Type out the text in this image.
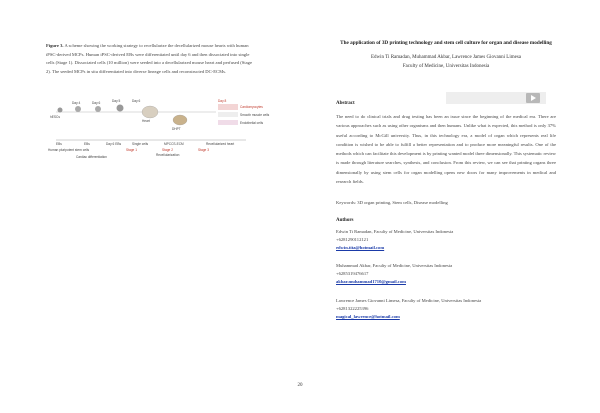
Figure 3. A scheme showing the working strategy to recellularize the decellularized mouse hearts with human iPSC-derived MCPs. Human iPSC-derived EBs were differentiated until day 6 and then dissociated into single cells (Stage 1). Dissociated cells (10 million) were seeded into a decellularized mouse heart and perfused (Stage 2). The seeded MCPs in situ differentiated into diverse lineage cells and reconstructed DC-ECMs.
hESCs
Day 4	Day 6	Day 5	Day 6
Heart
DHPT
Day 8
Cardiomyocytes
Smooth muscle cells
Endothelial cells
EBs	EBs	Day 6 EBs	Single cells	MPCCS-ECM	Recellularized heart
Human pluripotent stem cells
Cardiac differentiation	Recellularization
Stage 1	Stage 2	Stage 3
The application of 3D printing technology and stem cell culture for organ and disease modelling
Edwin Ti Ramadan, Muhammad Akbar, Lawrence James Giovanni Limesa
Faculty of Medicine, Universitas Indonesia
Abstract
The need to do clinical trials and drug testing has been an issue since the beginning of the medical era. There are various approaches such as using other organisms and then humans. Unlike what is expected, this method is only 37% useful according to McGill university. Thus, in this technology era, a model of organ which represents real life condition is wished to be able to fulfill a better representation and to produce more meaningful results. One of the methods which can facilitate this development is by printing wanted model three dimensionally. This systematic review is made through literature searches, synthesis, and conclusion. From this review, we can see that printing organs three dimensionally by using stem cells for organ modelling opens new doors for many improvements in medical and research fields.
Keywords: 3D organ printing, Stem cells, Disease modelling
Authors
Edwin Ti Ramadan, Faculty of Medicine, Universitas Indonesia
+6281290112121
edwin.tita@hotmail.com
Muhammad Akbar, Faculty of Medicine, Universitas Indonesia
+6285319476617
akbar.muhammad1710@gmail.com
Lawrence James Giovanni Limesa, Faculty of Medicine, Universitas Indonesia
+6281322225396
magical_lawrence@hotmail.com
20
